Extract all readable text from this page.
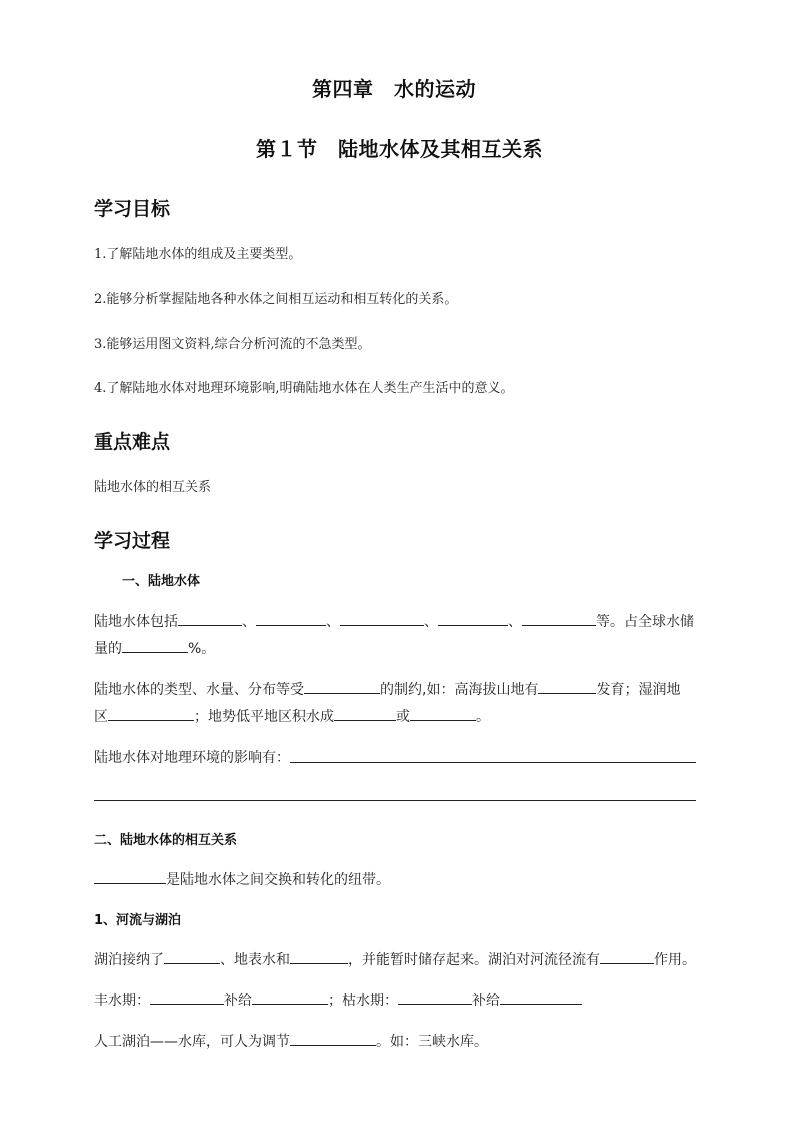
第四章　水的运动
第１节　陆地水体及其相互关系
学习目标
1.了解陆地水体的组成及主要类型。
2.能够分析掌握陆地各种水体之间相互运动和相互转化的关系。
3.能够运用图文资料,综合分析河流的不急类型。
4.了解陆地水体对地理环境影响,明确陆地水体在人类生产生活中的意义。
重点难点
陆地水体的相互关系
学习过程
一、陆地水体
陆地水体包括	、	、	、	、	等。占全球水储
量的	%。
陆地水体的类型、水量、分布等受	的制约,如：高海拔山地有	发育；湿润地
区	；地势低平地区积水成	或	。
陆地水体对地理环境的影响有：
二、陆地水体的相互关系
是陆地水体之间交换和转化的纽带。
1、河流与湖泊
湖泊接纳了	、地表水和	，并能暂时储存起来。湖泊对河流径流有	作用。
丰水期：	补给	；枯水期：	补给
人工湖泊——水库，可人为调节	。如：三峡水库。
